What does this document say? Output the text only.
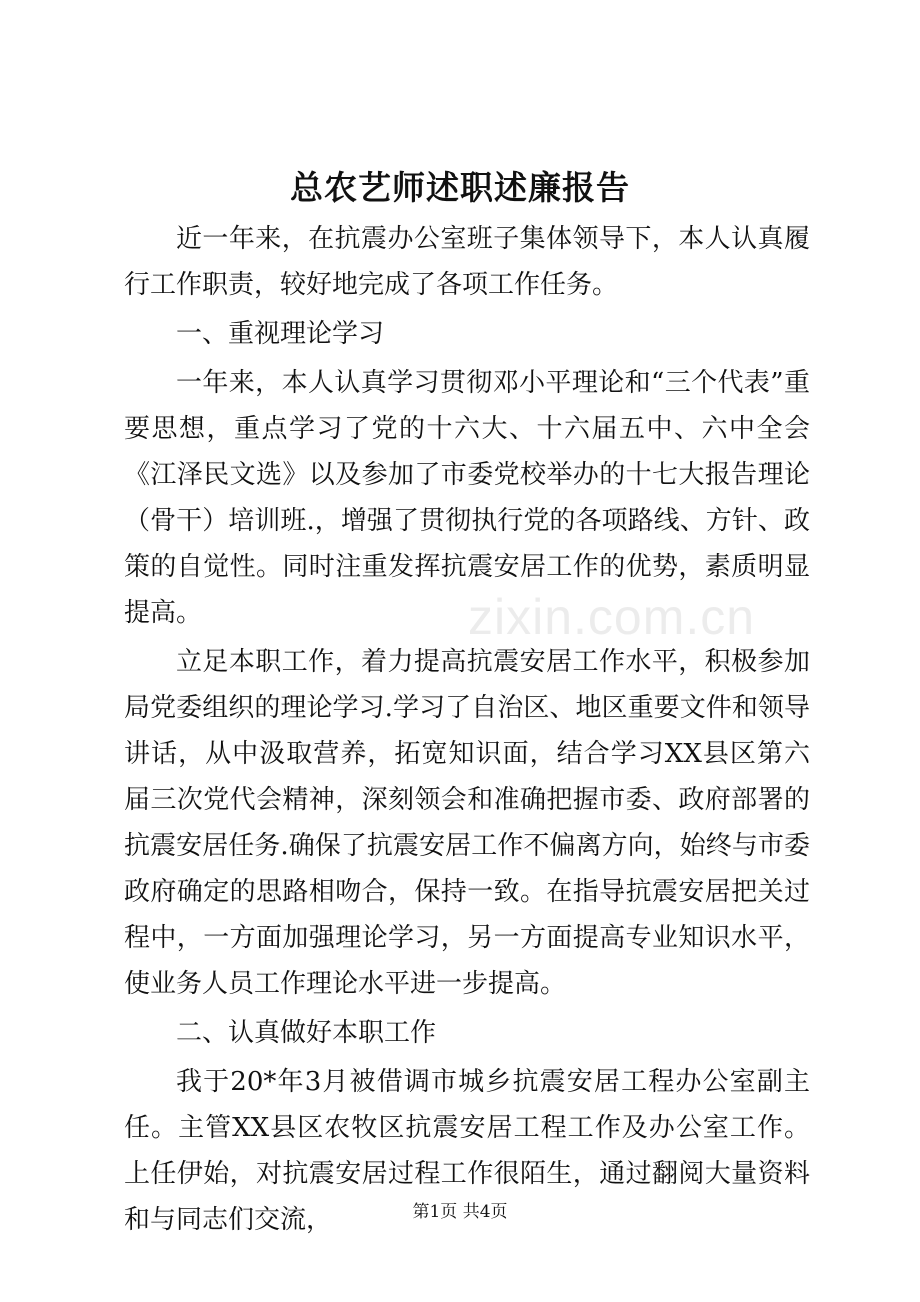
总农艺师述职述廉报告
zixin.com.cn

近一年来，在抗震办公室班子集体领导下，本人认真履行工作职责，较好地完成了各项工作任务。

一、重视理论学习

一年来，本人认真学习贯彻邓小平理论和“三个代表”重要思想，重点学习了党的十六大、十六届五中、六中全会《江泽民文选》以及参加了市委党校举办的十七大报告理论（骨干）培训班.，增强了贯彻执行党的各项路线、方针、政策的自觉性。同时注重发挥抗震安居工作的优势，素质明显提高。

立足本职工作，着力提高抗震安居工作水平，积极参加局党委组织的理论学习.学习了自治区、地区重要文件和领导讲话，从中汲取营养，拓宽知识面，结合学习XX县区第六届三次党代会精神，深刻领会和准确把握市委、政府部署的抗震安居任务.确保了抗震安居工作不偏离方向，始终与市委政府确定的思路相吻合，保持一致。在指导抗震安居把关过程中，一方面加强理论学习，另一方面提高专业知识水平，使业务人员工作理论水平进一步提高。

二、认真做好本职工作

我于20*年3月被借调市城乡抗震安居工程办公室副主任。主管XX县区农牧区抗震安居工程工作及办公室工作。上任伊始，对抗震安居过程工作很陌生，通过翻阅大量资料和与同志们交流，	第1页 共4页
